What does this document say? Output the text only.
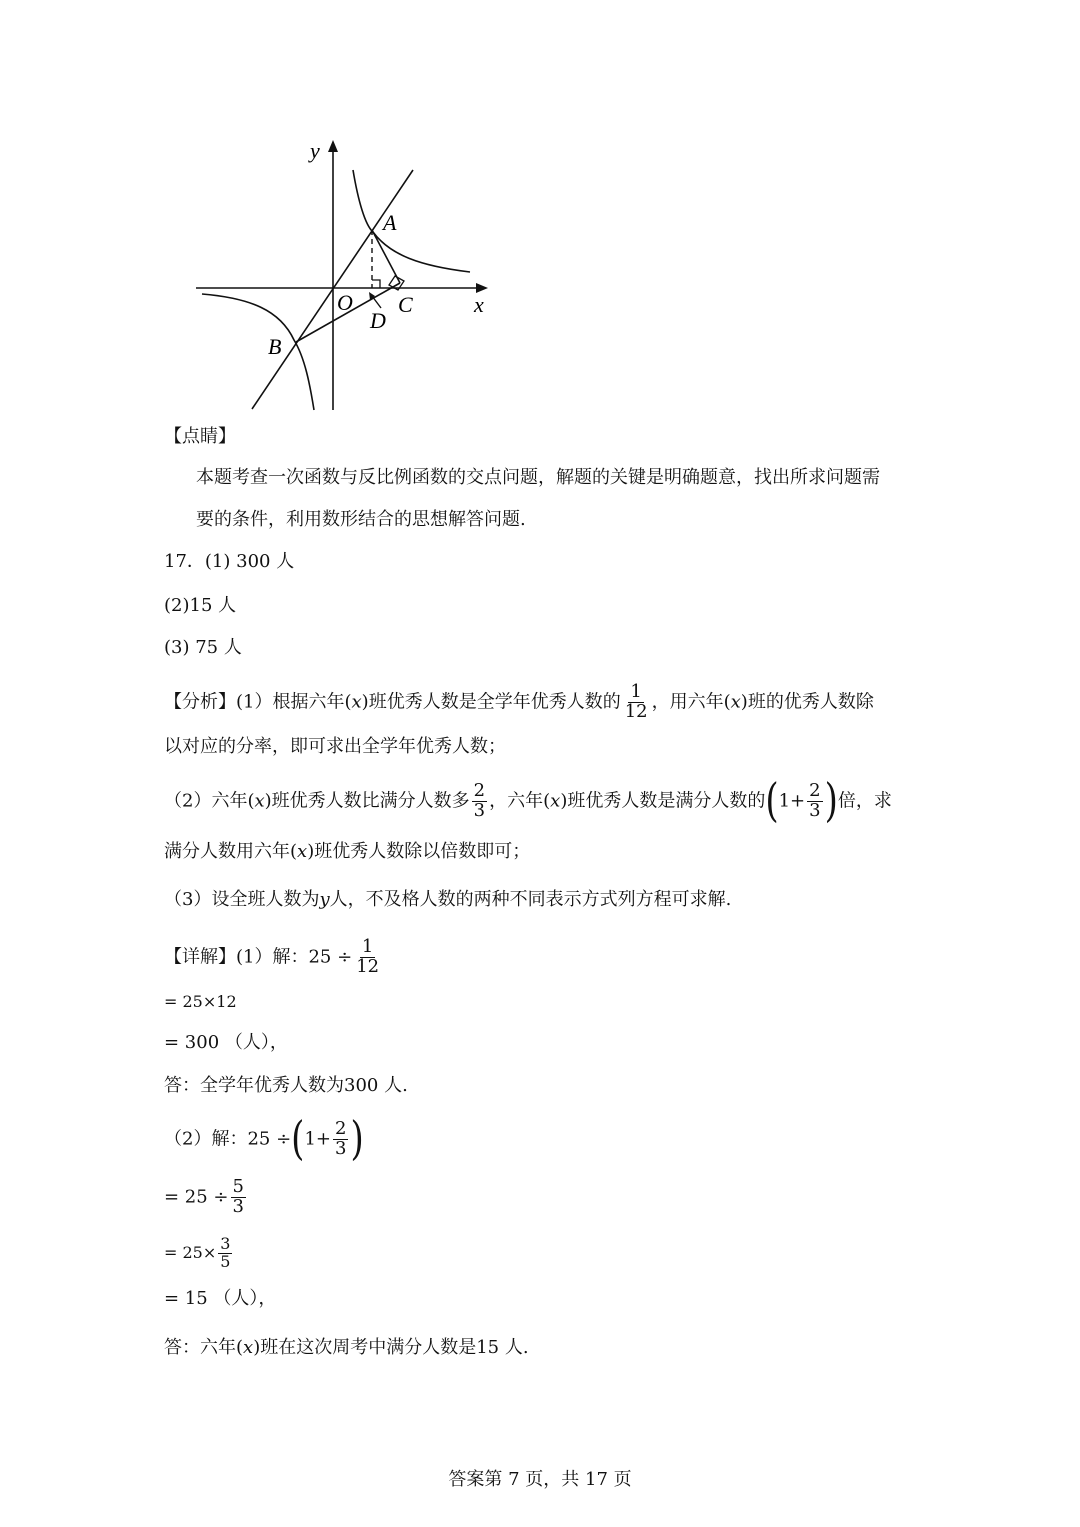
y
x
O
A
B
C
D
【点睛】
本题考查一次函数与反比例函数的交点问题，解题的关键是明确题意，找出所求问题需
要的条件，利用数形结合的思想解答问题.
17．(1) 300 人
(2)15 人
(3) 75 人
【分析】(1）根据六年(x)班优秀人数是全学年优秀人数的 $\frac{1}{12}$ ，用六年(x)班的优秀人数除
以对应的分率，即可求出全学年优秀人数；
（2）六年(x)班优秀人数比满分人数多 $\frac{2}{3}$ ，六年(x)班优秀人数是满分人数的($1+ \frac{2}{3}$ )倍，求
满分人数用六年(x)班优秀人数除以倍数即可；
（3）设全班人数为y人，不及格人数的两种不同表示方式列方程可求解.
【详解】(1）解：$25 \div \frac{1}{12}$
= 25×12
= 300 （人），
答：全学年优秀人数为300 人.
（2）解：$25 \div(1+ \frac{2}{3}$ )
= $25 \div \frac{5}{3}$
= $25\times \frac{3}{5}$
= 15 （人），
答：六年(x)班在这次周考中满分人数是15 人.
答案第 7 页，共 17 页
